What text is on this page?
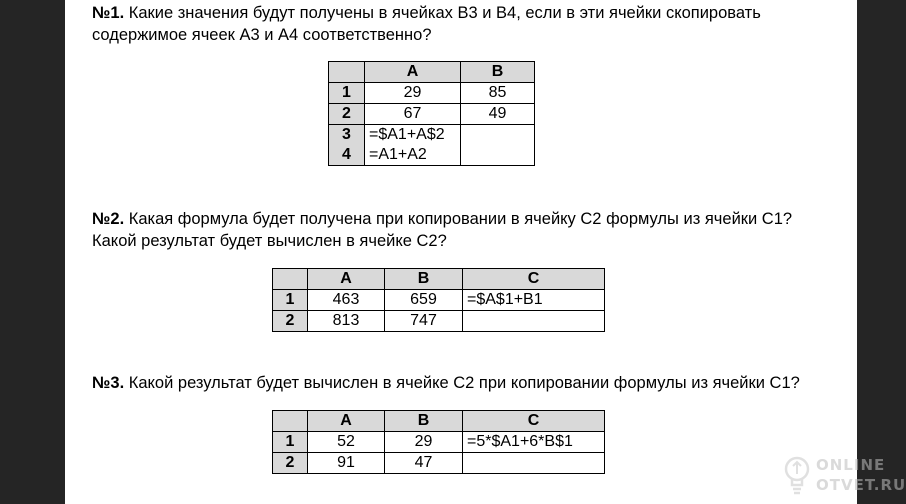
№1. Какие значения будут получены в ячейках B3 и B4, если в эти ячейки скопировать
содержимое ячеек A3 и A4 соответственно?

	A	B
1	29	85
2	67	49
3	=$A1+A$2	
4	=A1+A2	

№2. Какая формула будет получена при копировании в ячейку C2 формулы из ячейки C1?
Какой результат будет вычислен в ячейке C2?

	A	B	C
1	463	659	=$A$1+B1
2	813	747	

№3. Какой результат будет вычислен в ячейке C2 при копировании формулы из ячейки C1?

	A	B	C
1	52	29	=5*$A1+6*B$1
2	91	47		ONLINE
OTVET.RU
